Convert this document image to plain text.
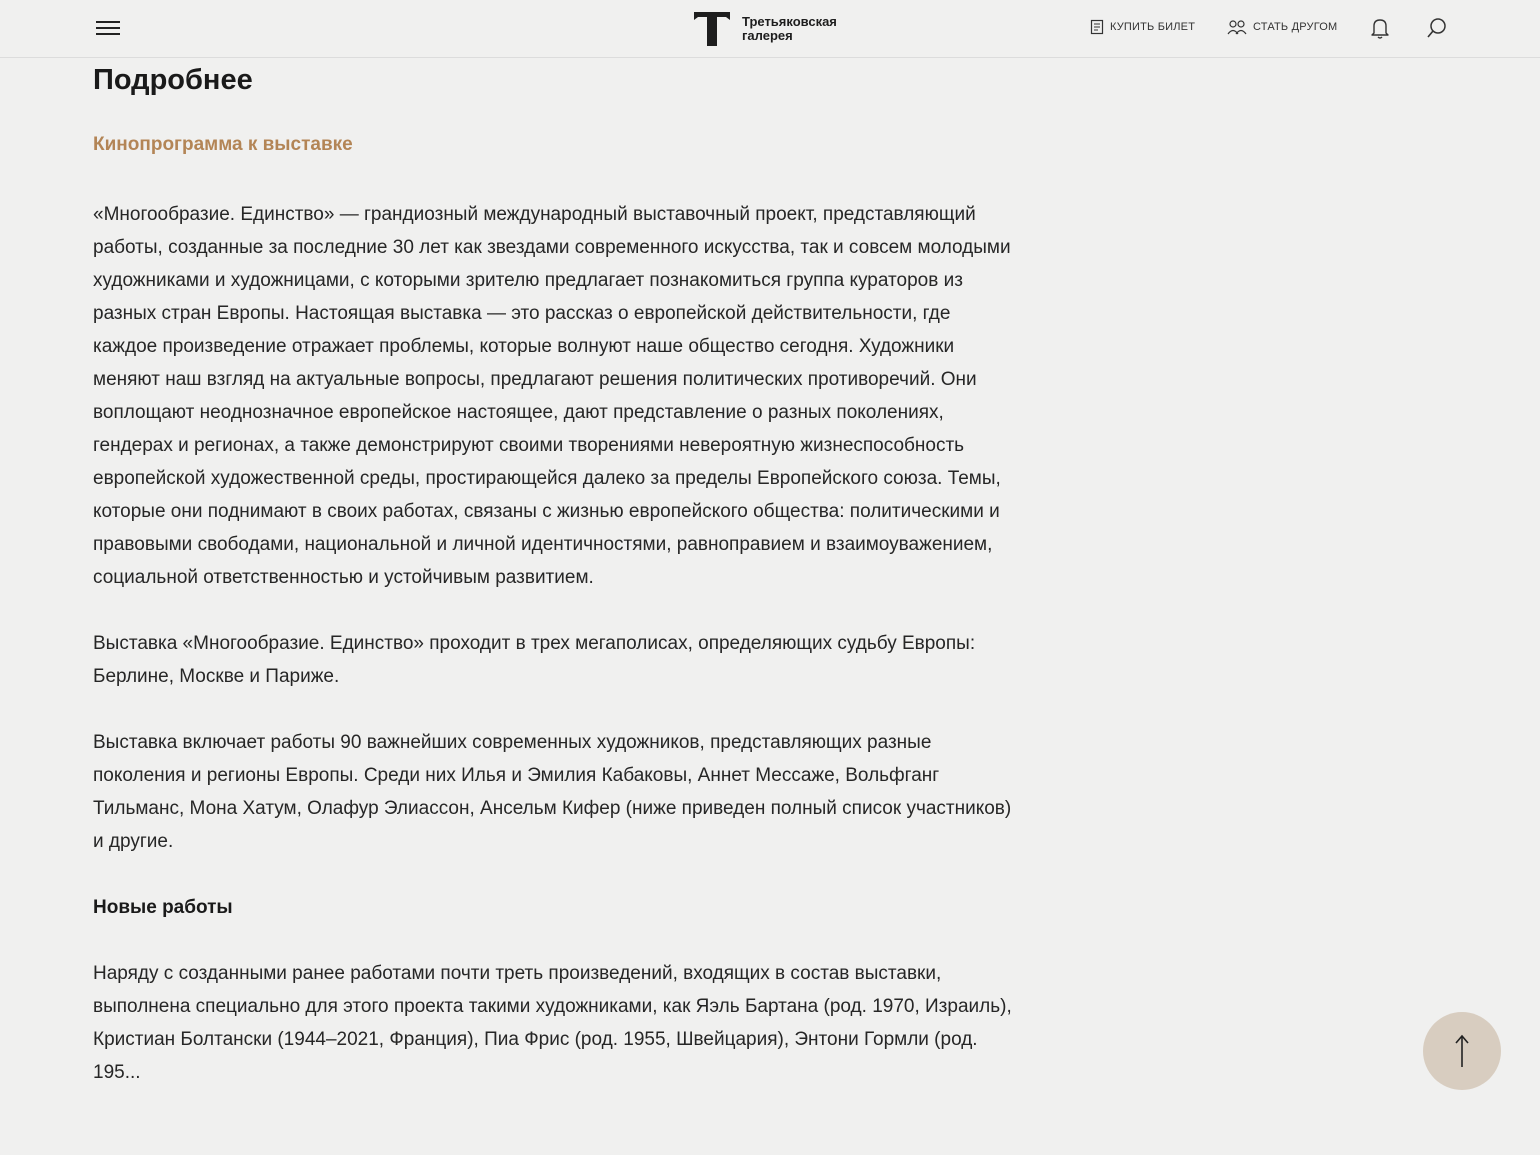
Третьяковская
галерея
КУПИТЬ БИЛЕТ	СТАТЬ ДРУГОМ
Подробнее
Кинопрограмма к выставке

«Многообразие. Единство» — грандиозный международный выставочный проект, представляющий работы, созданные за последние 30 лет как звездами современного искусства, так и совсем молодыми художниками и художницами, с которыми зрителю предлагает познакомиться группа кураторов из разных стран Европы. Настоящая выставка — это рассказ о европейской действительности, где каждое произведение отражает проблемы, которые волнуют наше общество сегодня. Художники меняют наш взгляд на актуальные вопросы, предлагают решения политических противоречий. Они воплощают неоднозначное европейское настоящее, дают представление о разных поколениях, гендерах и регионах, а также демонстрируют своими творениями невероятную жизнеспособность европейской художественной среды, простирающейся далеко за пределы Европейского союза. Темы, которые они поднимают в своих работах, связаны с жизнью европейского общества: политическими и правовыми свободами, национальной и личной идентичностями, равноправием и взаимоуважением, социальной ответственностью и устойчивым развитием.

Выставка «Многообразие. Единство» проходит в трех мегаполисах, определяющих судьбу Европы: Берлине, Москве и Париже.

Выставка включает работы 90 важнейших современных художников, представляющих разные поколения и регионы Европы. Среди них Илья и Эмилия Кабаковы, Аннет Мессаже, Вольфганг Тильманс, Мона Хатум, Олафур Элиассон, Ансельм Кифер (ниже приведен полный список участников) и другие.

Новые работы

Наряду с созданными ранее работами почти треть произведений, входящих в состав выставки, выполнена специально для этого проекта такими художниками, как Яэль Бартана (род. 1970, Израиль), Кристиан Болтански (1944–2021, Франция), Пиа Фрис (род. 1955, Швейцария), Энтони Гормли (род. 195...
